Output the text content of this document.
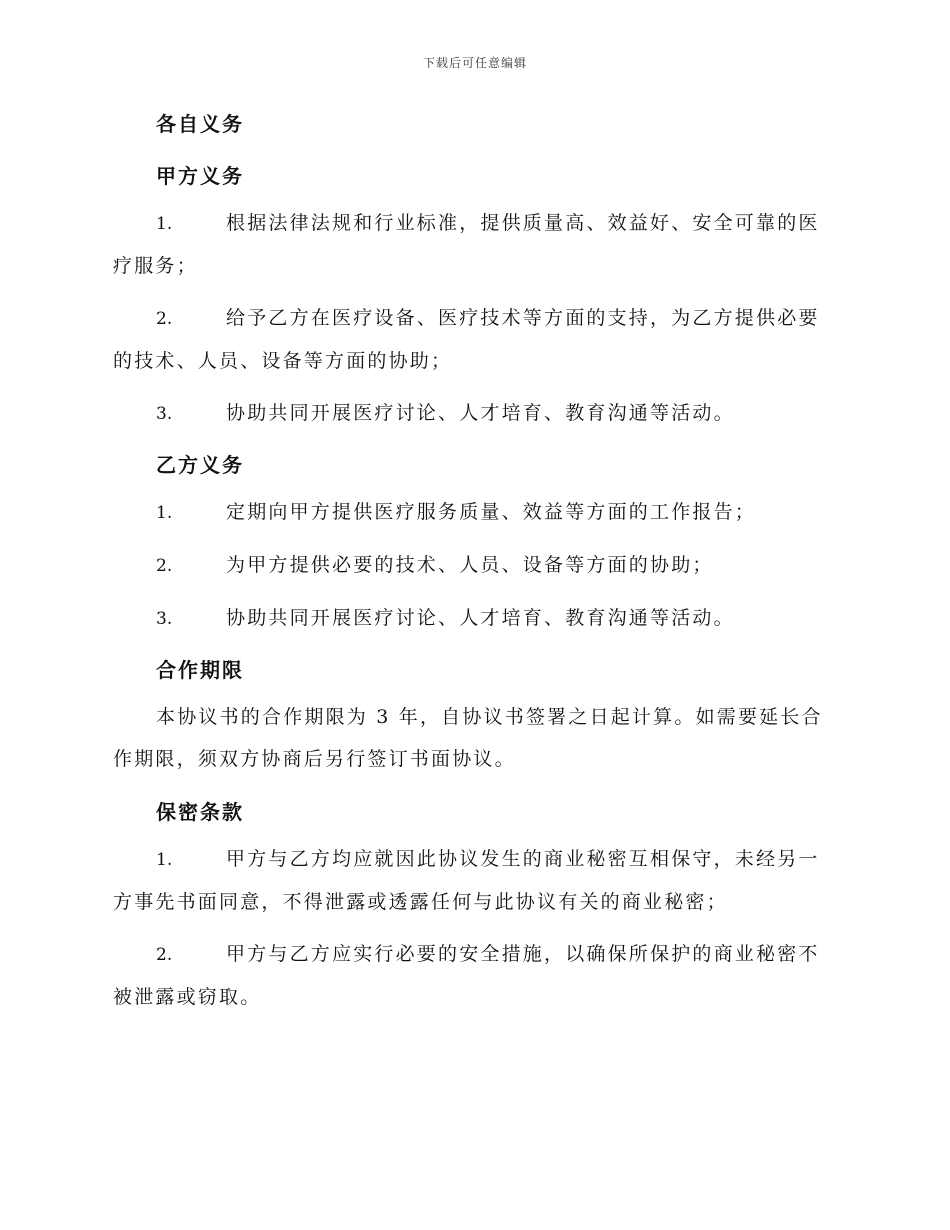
下载后可任意编辑
各自义务
甲方义务
1.	根据法律法规和行业标准，提供质量高、效益好、安全可靠的医
疗服务；
2.	给予乙方在医疗设备、医疗技术等方面的支持，为乙方提供必要
的技术、人员、设备等方面的协助；
3.	协助共同开展医疗讨论、人才培育、教育沟通等活动。
乙方义务
1.	定期向甲方提供医疗服务质量、效益等方面的工作报告；
2.	为甲方提供必要的技术、人员、设备等方面的协助；
3.	协助共同开展医疗讨论、人才培育、教育沟通等活动。
合作期限
本协议书的合作期限为 3 年，自协议书签署之日起计算。如需要延长合
作期限，须双方协商后另行签订书面协议。
保密条款
1.	甲方与乙方均应就因此协议发生的商业秘密互相保守，未经另一
方事先书面同意，不得泄露或透露任何与此协议有关的商业秘密；
2.	甲方与乙方应实行必要的安全措施，以确保所保护的商业秘密不
被泄露或窃取。
